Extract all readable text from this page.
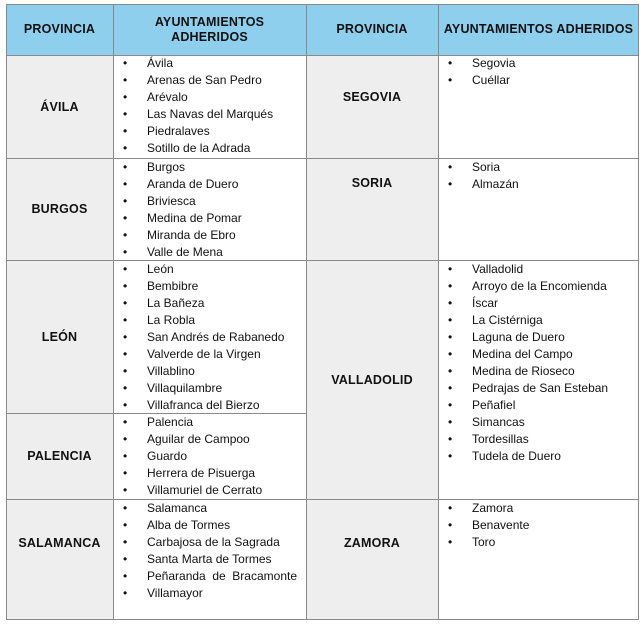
PROVINCIA
AYUNTAMIENTOS ADHERIDOS
PROVINCIA	AYUNTAMIENTOS ADHERIDOS
ÁVILA
• Ávila
• Arenas de San Pedro
• Arévalo
• Las Navas del Marqués
• Piedralaves
• Sotillo de la Adrada
BURGOS
• Burgos
• Aranda de Duero
• Briviesca
• Medina de Pomar
• Miranda de Ebro
• Valle de Mena
LEÓN
• León
• Bembibre
• La Bañeza
• La Robla
• San Andrés de Rabanedo
• Valverde de la Virgen
• Villablino
• Villaquilambre
• Villafranca del Bierzo
PALENCIA
• Palencia
• Aguilar de Campoo
• Guardo
• Herrera de Pisuerga
• Villamuriel de Cerrato
SALAMANCA
• Salamanca
• Alba de Tormes
• Carbajosa de la Sagrada
• Santa Marta de Tormes
• Peñaranda de Bracamonte
• Villamayor
SEGOVIA
• Segovia
• Cuéllar
SORIA
• Soria
• Almazán
VALLADOLID
• Valladolid
• Arroyo de la Encomienda
• Íscar
• La Cistérniga
• Laguna de Duero
• Medina del Campo
• Medina de Rioseco
• Pedrajas de San Esteban
• Peñafiel
• Simancas
• Tordesillas
• Tudela de Duero
ZAMORA
• Zamora
• Benavente
• Toro
